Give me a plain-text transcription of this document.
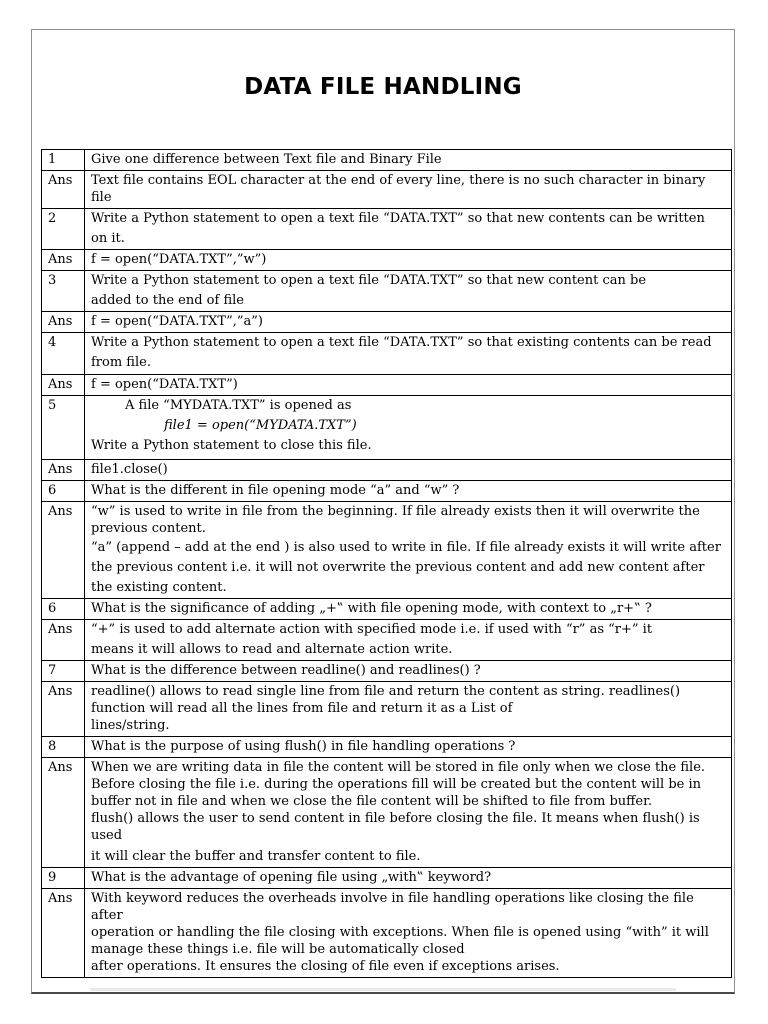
DATA FILE HANDLING
1	Give one difference between Text file and Binary File

Ans	Text file contains EOL character at the end of every line, there is no such character in binary file

2	Write a Python statement to open a text file “DATA.TXT” so that new contents can be written
on it.

Ans	f = open(“DATA.TXT”,”w”)

3	Write a Python statement to open a text file “DATA.TXT” so that new content can be
added to the end of file

Ans	f = open(“DATA.TXT”,”a”)

4	Write a Python statement to open a text file “DATA.TXT” so that existing contents can be read
from file.

Ans	f = open(“DATA.TXT”)

5	A file “MYDATA.TXT” is opened as
file1 = open(“MYDATA.TXT”)
Write a Python statement to close this file.

Ans	file1.close()

6	What is the different in file opening mode “a” and “w” ?

Ans	“w” is used to write in file from the beginning. If file already exists then it will overwrite the
previous content.
“a” (append – add at the end ) is also used to write in file. If file already exists it will write after
the previous content i.e. it will not overwrite the previous content and add new content after
the existing content.

6	What is the significance of adding „+‟ with file opening mode, with context to „r+‟ ?

Ans	“+” is used to add alternate action with specified mode i.e. if used with “r” as “r+” it
means it will allows to read and alternate action write.

7	What is the difference between readline() and readlines() ?

Ans	readline() allows to read single line from file and return the content as string. readlines()
function will read all the lines from file and return it as a List of
lines/string.

8	What is the purpose of using flush() in file handling operations ?

Ans	When we are writing data in file the content will be stored in file only when we close the file.
Before closing the file i.e. during the operations fill will be created but the content will be in
buffer not in file and when we close the file content will be shifted to file from buffer.
flush() allows the user to send content in file before closing the file. It means when flush() is used
it will clear the buffer and transfer content to file.

9	What is the advantage of opening file using „with‟ keyword?

Ans	With keyword reduces the overheads involve in file handling operations like closing the file after
operation or handling the file closing with exceptions. When file is opened using “with” it will
manage these things i.e. file will be automatically closed
after operations. It ensures the closing of file even if exceptions arises.
